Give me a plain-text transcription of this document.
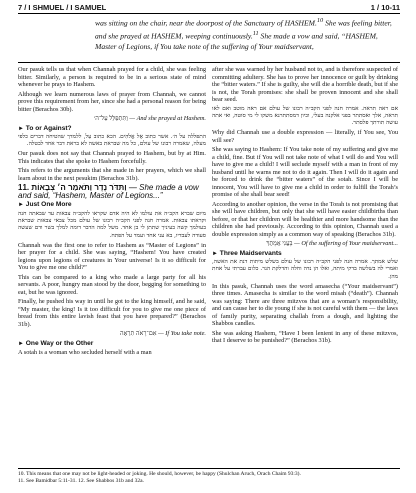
7 / I SHMUEL / I SAMUEL	1 / 10-11
was sitting on the chair, near the doorpost of the Sanctuary of HASHEM.$^{10}$ She was feeling bitter, and she prayed at HASHEM, weeping continuously.$^{11}$ She made a vow and said, “HASHEM, Master of Legions, if You take note of the suffering of Your maidservant,

Our pasuk tells us that when Channah prayed for a child, she was feeling bitter. Similarly, a person is required to be in a serious state of mind whenever he prays to Hashem.

Although we learn numerous laws of prayer from Channah, we cannot prove this requirement from her, since she had a personal reason for being bitter (Berachos 30b).

וַתִּתְפַּלֵּל עַל־ה׳ — And she prayed at Hashem.
► To or Against?
התפללה על ה׳. אשר כתוב אֶל אֱלֹהִים. הכא כתוב עַל, ללמדך שהטיחה דברים כלפי מעלה, שאמרה רבונו של עולם, כל מה שבראת באשה לא בראת דבר אחד לבטלה.

Our pasuk does not say that Channah prayed to Hashem, but by at Him. This indicates that she spoke to Hashem forcefully.

This refers to the arguments that she made in her prayers, which we shall learn about in the next pesukim (Berachos 31b).

11. וַתִּדֹּר נֶדֶר וַתֹּאמַר ה׳ צְבָאוֹת — She made a vow and said, “Hashem, Master of Legions...”
► Just One More
מיום שברא הקב״ה את עולמו לא היה אדם שקראו להקב״ה צבאות עד שבאתה חנה וקראתו צבאות. אמרה חנה לפני הקב״ה רבונו של עולם מכל צבאי צבאות שבראת בעולמך קשה בעיניך שתתן לי בן אחד. משל למה הדבר דומה למלך בשר ודם שעשה סעודה לעבדיו, בא עני אחד ועמד על הפתח.

Channah was the first one to refer to Hashem as “Master of Legions” in her prayer for a child. She was saying, “Hashem! You have created legions upon legions of creatures in Your universe! Is it so difficult for You to give me one child?”

This can be compared to a king who made a large party for all his servants. A poor, hungry man stood by the door, begging for something to eat, but he was ignored.

Finally, he pushed his way in until he got to the king himself, and he said, “My master, the king! Is it too difficult for you to give me one piece of bread from this entire lavish feast that you have prepared?” (Berachos 31b).

אִם־רָאֹה תִרְאֶה — If You take note.
► One Way or the Other

A sotah is a woman who secluded herself with a man

after she was warned by her husband not to, and is therefore suspected of committing adultery. She has to prove her innocence or guilt by drinking the “bitter waters.” If she is guilty, she will die a horrible death, but if she is not, the Torah promises: she shall be proven innocent and she shall bear seed.

אם ראה תראה. אמרה חנה לפני הקב״ה רבונו של עולם אם ראה מוטב ואם לאו תראה, אלך ואסתתר בפני אלקנה בעלי, וכיון דמסתתרנא משקו לי מי סוטה, ואי אתה עושה תורתך פלסתר.

Why did Channah use a double expression — literally, if You see, You will see?

She was saying to Hashem: If You take note of my suffering and give me a child, fine. But if You will not take note of what I will do and You will have to give me a child! I will seclude myself with a man in front of my husband until he warns me not to do it again. Then I will do it again and be forced to drink the “bitter waters” of the sotah. Since I will be innocent, You will have to give me a child in order to fulfill the Torah’s promise of she shall bear seed!

According to another opinion, the verse in the Torah is not promising that she will have children, but only that she will have easier childbirths than before, or that her children will be healthier and more handsome than the children she had previously. According to this opinion, Channah used a double expression simply as a common way of speaking (Berachos 31b).

בָּעֳנִי אֲמָתֶךָ — Of the suffering of Your maidservant...
► Three Maidservants
שלש אמתך. אמרה חנה לפני הקב״ה רבונו של עולם בשלש מיתות דנת את האשה, ואמרי לה בשלשה בדקי מיתה, ואלו הן נדה וחלה והדלקת הנר. כלום עברתי על אחת מהן.

In this pasuk, Channah uses the word amasecha (“Your maidservant”) three times. Amasecha is similar to the word misah (“death”). Channah was saying: There are three mitzvos that are a woman’s responsibility, and can cause her to die young if she is not careful with them — the laws of family purity, separating challah from a dough, and lighting the Shabbos candles.

She was asking Hashem, “Have I been lenient in any of these mitzvos, that I deserve to be punished?” (Berachos 31b).

10. This means that one may not be light-headed or joking. He should, however, be happy (Shulchan Aruch, Orach Chaim 93:3).
11. See Bamidbar 5:11-31. 12. See Shabbos 31b and 32a.
